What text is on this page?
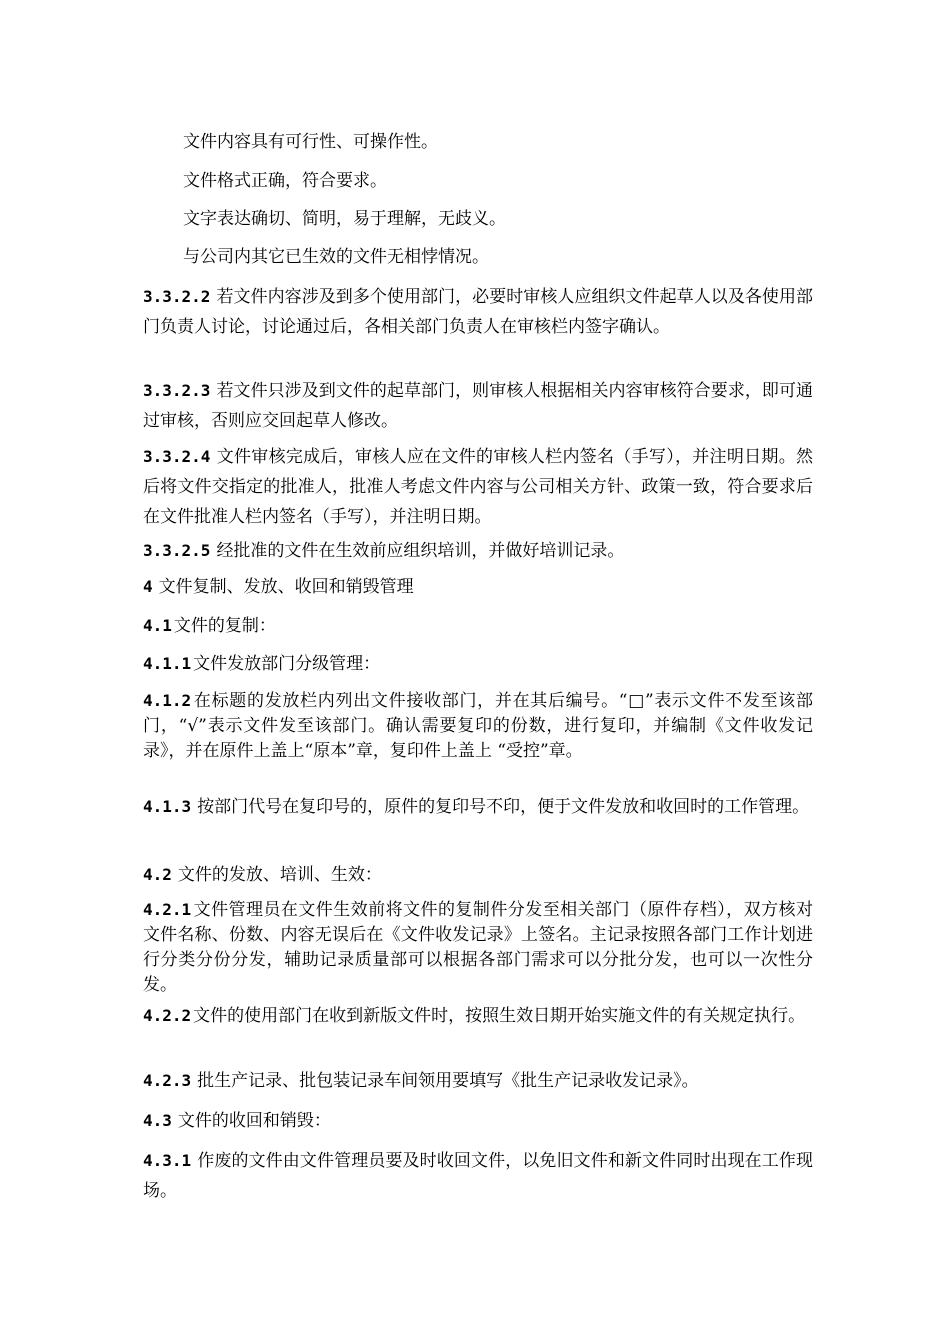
文件内容具有可行性、可操作性。
文件格式正确，符合要求。
文字表达确切、简明，易于理解，无歧义。
与公司内其它已生效的文件无相悖情况。
3.3.2.2 若文件内容涉及到多个使用部门，必要时审核人应组织文件起草人以及各使用部门负责人讨论，讨论通过后，各相关部门负责人在审核栏内签字确认。
3.3.2.3 若文件只涉及到文件的起草部门，则审核人根据相关内容审核符合要求，即可通过审核，否则应交回起草人修改。
3.3.2.4 文件审核完成后，审核人应在文件的审核人栏内签名（手写），并注明日期。然后将文件交指定的批准人，批准人考虑文件内容与公司相关方针、政策一致，符合要求后在文件批准人栏内签名（手写），并注明日期。
3.3.2.5 经批准的文件在生效前应组织培训，并做好培训记录。
4 文件复制、发放、收回和销毁管理
4.1 文件的复制：
4.1.1 文件发放部门分级管理：
4.1.2 在标题的发放栏内列出文件接收部门，并在其后编号。“□”表示文件不发至该部门，“√”表示文件发至该部门。确认需要复印的份数，进行复印，并编制《文件收发记录》，并在原件上盖上“原本”章，复印件上盖上 “受控”章。
4.1.3 按部门代号在复印号的，原件的复印号不印，便于文件发放和收回时的工作管理。
4.2 文件的发放、培训、生效：
4.2.1 文件管理员在文件生效前将文件的复制件分发至相关部门（原件存档），双方核对文件名称、份数、内容无误后在《文件收发记录》上签名。主记录按照各部门工作计划进行分类分份分发，辅助记录质量部可以根据各部门需求可以分批分发，也可以一次性分发。
4.2.2 文件的使用部门在收到新版文件时，按照生效日期开始实施文件的有关规定执行。
4.2.3 批生产记录、批包装记录车间领用要填写《批生产记录收发记录》。
4.3 文件的收回和销毁：
4.3.1 作废的文件由文件管理员要及时收回文件，以免旧文件和新文件同时出现在工作现场。
